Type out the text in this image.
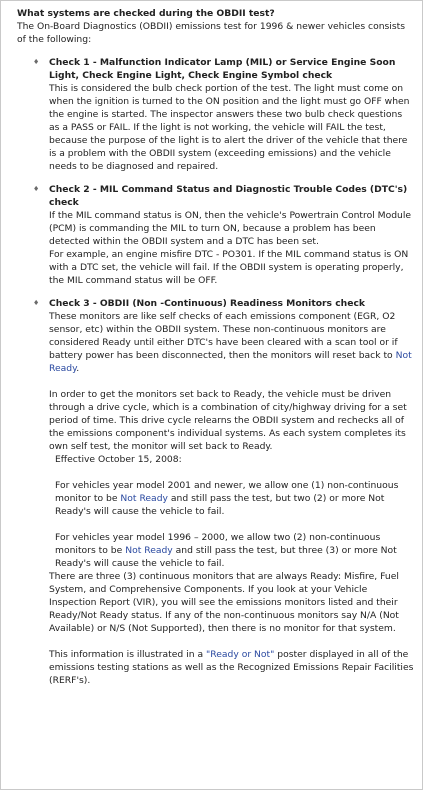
What systems are checked during the OBDII test?

The On-Board Diagnostics (OBDII) emissions test for 1996 & newer vehicles consists of the following:

♦ Check 1 - Malfunction Indicator Lamp (MIL) or Service Engine Soon Light, Check Engine Light, Check Engine Symbol check

This is considered the bulb check portion of the test. The light must come on when the ignition is turned to the ON position and the light must go OFF when the engine is started. The inspector answers these two bulb check questions as a PASS or FAIL. If the light is not working, the vehicle will FAIL the test, because the purpose of the light is to alert the driver of the vehicle that there is a problem with the OBDII system (exceeding emissions) and the vehicle needs to be diagnosed and repaired.

♦ Check 2 - MIL Command Status and Diagnostic Trouble Codes (DTC's) check

If the MIL command status is ON, then the vehicle's Powertrain Control Module (PCM) is commanding the MIL to turn ON, because a problem has been detected within the OBDII system and a DTC has been set.

For example, an engine misfire DTC - PO301. If the MIL command status is ON with a DTC set, the vehicle will fail. If the OBDII system is operating properly, the MIL command status will be OFF.

♦ Check 3 - OBDII (Non -Continuous) Readiness Monitors check

These monitors are like self checks of each emissions component (EGR, O2 sensor, etc) within the OBDII system. These non-continuous monitors are considered Ready until either DTC's have been cleared with a scan tool or if battery power has been disconnected, then the monitors will reset back to Not Ready.

In order to get the monitors set back to Ready, the vehicle must be driven through a drive cycle, which is a combination of city/highway driving for a set period of time. This drive cycle relearns the OBDII system and rechecks all of the emissions component's individual systems. As each system completes its own self test, the monitor will set back to Ready.

Effective October 15, 2008:

For vehicles year model 2001 and newer, we allow one (1) non-continuous monitor to be Not Ready and still pass the test, but two (2) or more Not Ready's will cause the vehicle to fail.

For vehicles year model 1996 – 2000, we allow two (2) non-continuous monitors to be Not Ready and still pass the test, but three (3) or more Not Ready's will cause the vehicle to fail.

There are three (3) continuous monitors that are always Ready: Misfire, Fuel System, and Comprehensive Components. If you look at your Vehicle Inspection Report (VIR), you will see the emissions monitors listed and their Ready/Not Ready status. If any of the non-continuous monitors say N/A (Not Available) or N/S (Not Supported), then there is no monitor for that system.

This information is illustrated in a "Ready or Not" poster displayed in all of the emissions testing stations as well as the Recognized Emissions Repair Facilities (RERF's).
